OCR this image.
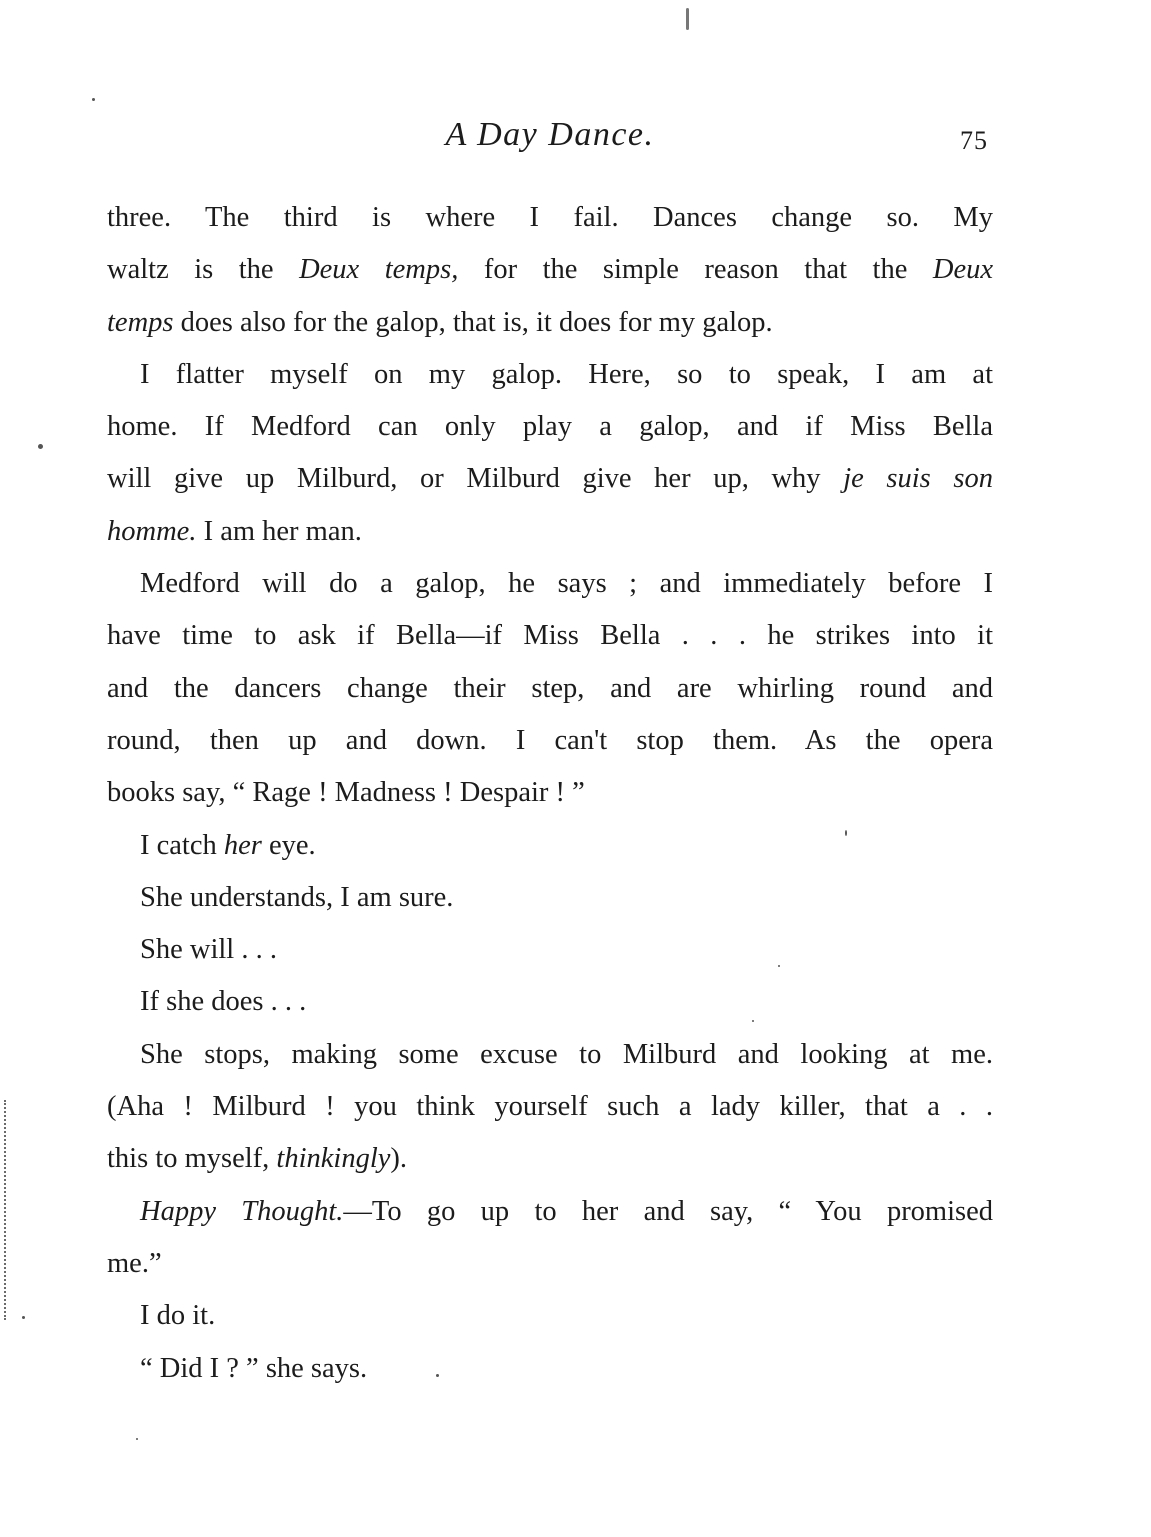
A Day Dance.	75
three. The third is where I fail. Dances change so. My
waltz is the Deux temps, for the simple reason that the Deux
temps does also for the galop, that is, it does for my galop.
I flatter myself on my galop. Here, so to speak, I am at
home. If Medford can only play a galop, and if Miss Bella
will give up Milburd, or Milburd give her up, why je suis son
homme. I am her man.
Medford will do a galop, he says ; and immediately before I
have time to ask if Bella—if Miss Bella . . . he strikes into it
and the dancers change their step, and are whirling round and
round, then up and down. I can't stop them. As the opera
books say, “ Rage ! Madness ! Despair ! ”
I catch her eye.
She understands, I am sure.
She will . . .
If she does . . .
She stops, making some excuse to Milburd and looking at me.
(Aha ! Milburd ! you think yourself such a lady killer, that a . .
this to myself, thinkingly).
Happy Thought.—To go up to her and say, “ You promised
me.”
I do it.
“ Did I ? ” she says.
